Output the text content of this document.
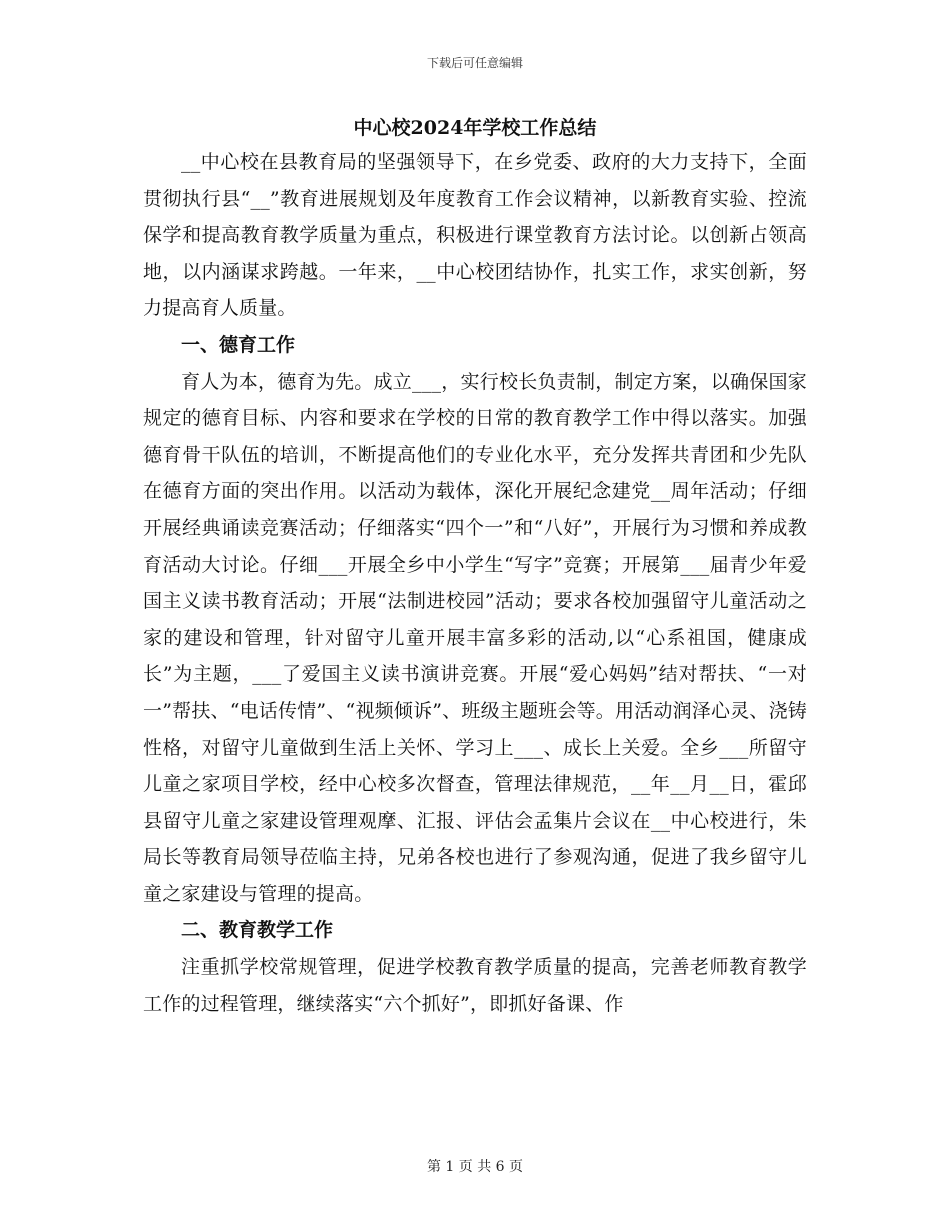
下载后可任意编辑
中心校2024年学校工作总结

__中心校在县教育局的坚强领导下，在乡党委、政府的大力支持下，全面贯彻执行县“__”教育进展规划及年度教育工作会议精神，以新教育实验、控流保学和提高教育教学质量为重点，积极进行课堂教育方法讨论。以创新占领高地，以内涵谋求跨越。一年来，__中心校团结协作，扎实工作，求实创新，努力提高育人质量。

一、德育工作

育人为本，德育为先。成立___，实行校长负责制，制定方案，以确保国家规定的德育目标、内容和要求在学校的日常的教育教学工作中得以落实。加强德育骨干队伍的培训，不断提高他们的专业化水平，充分发挥共青团和少先队在德育方面的突出作用。以活动为载体，深化开展纪念建党__周年活动；仔细开展经典诵读竞赛活动；仔细落实“四个一”和“八好”，开展行为习惯和养成教育活动大讨论。仔细___开展全乡中小学生“写字”竞赛；开展第___届青少年爱国主义读书教育活动；开展“法制进校园”活动；要求各校加强留守儿童活动之家的建设和管理，针对留守儿童开展丰富多彩的活动,以“心系祖国，健康成长”为主题，___了爱国主义读书演讲竞赛。开展“爱心妈妈”结对帮扶、“一对一”帮扶、“电话传情”、“视频倾诉”、班级主题班会等。用活动润泽心灵、浇铸性格，对留守儿童做到生活上关怀、学习上___、成长上关爱。全乡___所留守儿童之家项目学校，经中心校多次督查，管理法律规范，__年__月__日，霍邱县留守儿童之家建设管理观摩、汇报、评估会孟集片会议在__中心校进行，朱局长等教育局领导莅临主持，兄弟各校也进行了参观沟通，促进了我乡留守儿童之家建设与管理的提高。

二、教育教学工作

注重抓学校常规管理，促进学校教育教学质量的提高，完善老师教育教学工作的过程管理，继续落实“六个抓好”，即抓好备课、作

第 1 页 共 6 页
